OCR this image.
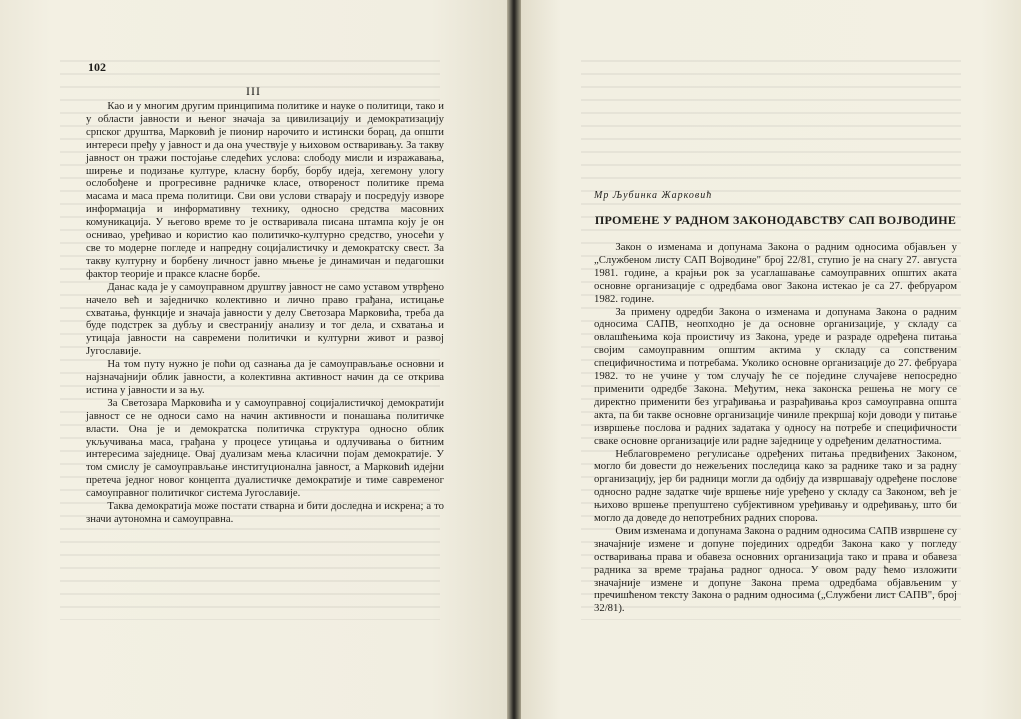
102
III

Као и у многим другим принципима политике и науке о политици, тако и у области јавности и њеног значаја за цивилизацију и демократизацију српског друштва, Марковић је пионир нарочито и истински борац, да општи интереси пређу у јавност и да она учествује у њиховом остваривању. За такву јавност он тражи постојање следећих услова: слободу мисли и изражавања, ширење и подизање културе, класну борбу, борбу идеја, хегемону улогу ослобођене и прогресивне радничке класе, отвореност политике према масама и маса према политици. Сви ови услови стварају и посредују изворе информација и информативну технику, односно средства масовних комуникација. У његово време то је остваривала писана штампа коју је он оснивао, уређивао и користио као политичко-културно средство, уносећи у све то модерне погледе и напредну социјалистичку и демократску свест. За такву културну и борбену личност јавно мњење је динамичан и педагошки фактор теорије и праксе класне борбе.

Данас када је у самоуправном друштву јавност не само уставом утврђено начело већ и заједничко колективно и лично право грађана, истицање схватања, функције и значаја јавности у делу Светозара Марковића, треба да буде подстрек за дубљу и свестранију анализу и тог дела, и схватања и утицаја јавности на савремени политички и културни живот и развој Југославије.

На том путу нужно је поћи од сазнања да је самоуправљање основни и најзначајнији облик јавности, а колективна активност начин да се открива истина у јавности и за њу.

За Светозара Марковића и у самоуправној социјалистичкој демократији јавност се не односи само на начин активности и понашања политичке власти. Она је и демократска политичка структура односно облик укључивања маса, грађана у процесе утицања и одлучивања о битним интересима заједнице. Овај дуализам мења класични појам демократије. У том смислу је самоуправљање институционална јавност, а Марковић идејни претеча једног новог концепта дуалистичке демократије и тиме савременог самоуправног политичког система Југославије.

Таква демократија може постати стварна и бити доследна и искрена; а то значи аутономна и самоуправна.

Мр Љубинка Жарковић
ПРОМЕНЕ У РАДНОМ ЗАКОНОДАВСТВУ САП ВОЈВОДИНЕ

Закон о изменама и допунама Закона о радним односима објављен у „Службеном листу САП Војводине" број 22/81, ступио је на снагу 27. августа 1981. године, а крајњи рок за усаглашавање самоуправних општих аката основне организације с одредбама овог Закона истекао је са 27. фебруаром 1982. године.

За примену одредби Закона о изменама и допунама Закона о радним односима САПВ, неопходно је да основне организације, у складу са овлашћењима која проистичу из Закона, уреде и разраде одређена питања својим самоуправним општим актима у складу са сопственим специфичностима и потребама. Уколико основне организације до 27. фебруара 1982. то не учине у том случају ће се поједине случајеве непосредно применити одредбе Закона. Међутим, нека законска решења не могу се директно применити без уграђивања и разрађивања кроз самоуправна општа акта, па би такве основне организације чиниле прекршај који доводи у питање извршење послова и радних задатака у односу на потребе и специфичности сваке основне организације или радне заједнице у одређеним делатностима.

Неблаговремено регулисање одређених питања предвиђених Законом, могло би довести до нежељених последица како за раднике тако и за радну организацију, јер би радници могли да одбију да извршавају одређене послове односно радне задатке чије вршење није уређено у складу са Законом, већ је њихово вршење препуштено субјективном уређивању и одређивању, што би могло да доведе до непотребних радних спорова.

Овим изменама и допунама Закона о радним односима САПВ извршене су значајније измене и допуне појединих одредби Закона како у погледу остваривања права и обавеза основних организација тако и права и обавеза радника за време трајања радног односа. У овом раду ћемо изложити значајније измене и допуне Закона према одредбама објављеним у пречишћеном тексту Закона о радним односима („Службени лист САПВ", број 32/81).
